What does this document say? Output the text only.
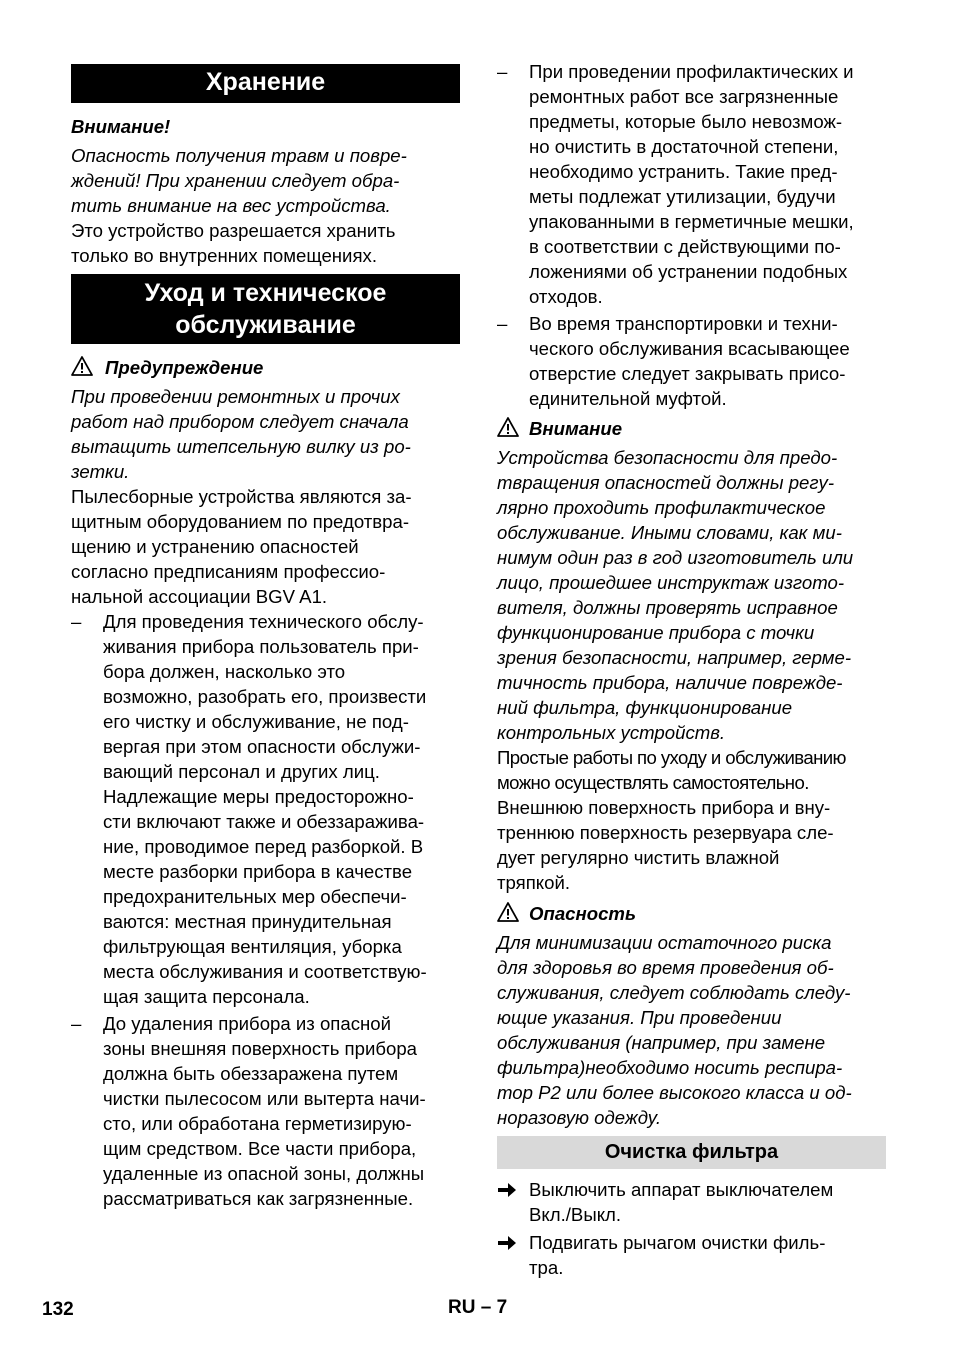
Хранение
Внимание!
Опасность получения травм и повре-
ждений! При хранении следует обра-
тить внимание на вес устройства.
Это устройство разрешается хранить
только во внутренних помещениях.
Уход и техническое
обслуживание
Предупреждение
При проведении ремонтных и прочих
работ над прибором следует сначала
вытащить штепсельную вилку из ро-
зетки.
Пылесборные устройства являются за-
щитным оборудованием по предотвра-
щению и устранению опасностей
согласно предписаниям профессио-
нальной ассоциации BGV A1.
– Для проведения технического обслу-
живания прибора пользователь при-
бора должен, насколько это
возможно, разобрать его, произвести
его чистку и обслуживание, не под-
вергая при этом опасности обслужи-
вающий персонал и других лиц.
Надлежащие меры предосторожно-
сти включают также и обеззаражива-
ние, проводимое перед разборкой. В
месте разборки прибора в качестве
предохранительных мер обеспечи-
ваются: местная принудительная
фильтрующая вентиляция, уборка
места обслуживания и соответствую-
щая защита персонала.
– До удаления прибора из опасной
зоны внешняя поверхность прибора
должна быть обеззаражена путем
чистки пылесосом или вытерта начи-
сто, или обработана герметизирую-
щим средством. Все части прибора,
удаленные из опасной зоны, должны
рассматриваться как загрязненные.
– При проведении профилактических и
ремонтных работ все загрязненные
предметы, которые было невозмож-
но очистить в достаточной степени,
необходимо устранить. Такие пред-
меты подлежат утилизации, будучи
упакованными в герметичные мешки,
в соответствии с действующими по-
ложениями об устранении подобных
отходов.
– Во время транспортировки и техни-
ческого обслуживания всасывающее
отверстие следует закрывать присо-
единительной муфтой.
Внимание
Устройства безопасности для предо-
твращения опасностей должны регу-
лярно проходить профилактическое
обслуживание. Иными словами, как ми-
нимум один раз в год изготовитель или
лицо, прошедшее инструктаж изгото-
вителя, должны проверять исправное
функционирование прибора с точки
зрения безопасности, например, герме-
тичность прибора, наличие поврежде-
ний фильтра, функционирование
контрольных устройств.
Простые работы по уходу и обслуживанию
можно осуществлять самостоятельно.
Внешнюю поверхность прибора и вну-
треннюю поверхность резервуара сле-
дует регулярно чистить влажной
тряпкой.
Опасность
Для минимизации остаточного риска
для здоровья во время проведения об-
служивания, следует соблюдать следу-
ющие указания. При проведении
обслуживания (например, при замене
фильтра)необходимо носить респира-
тор P2 или более высокого класса и од-
норазовую одежду.
Очистка фильтра
Выключить аппарат выключателем
Вкл./Выкл.
Подвигать рычагом очистки филь-
тра.
132	RU – 7
